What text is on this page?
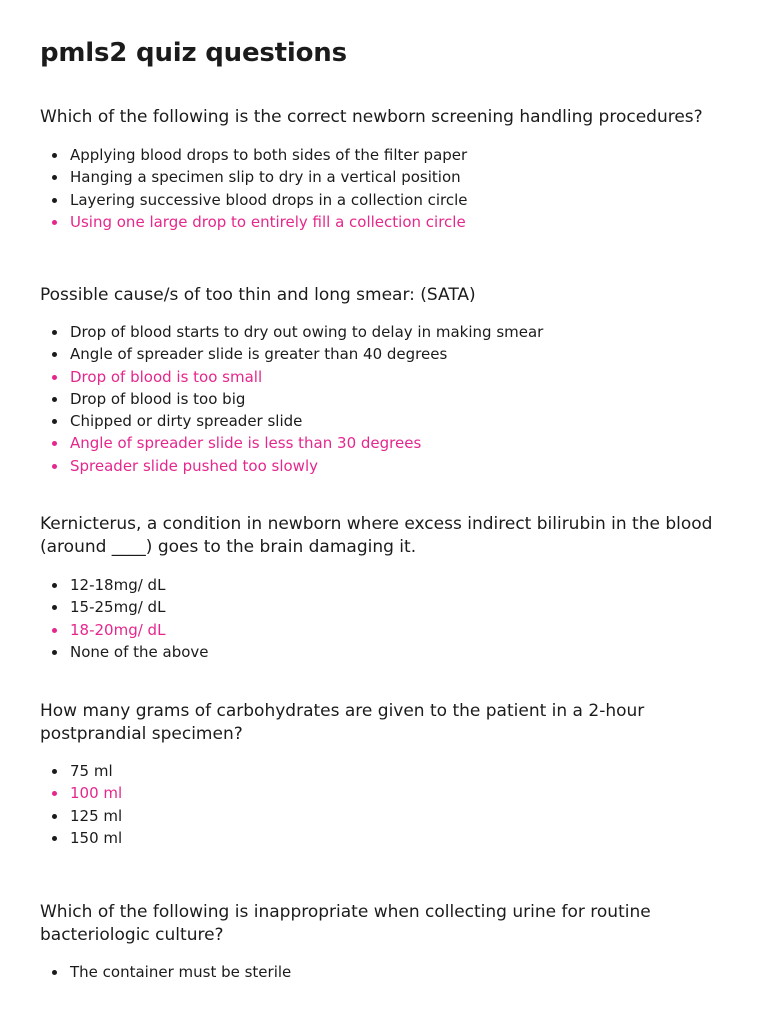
pmls2 quiz questions

Which of the following is the correct newborn screening handling procedures?

Applying blood drops to both sides of the filter paper
Hanging a specimen slip to dry in a vertical position
Layering successive blood drops in a collection circle
Using one large drop to entirely fill a collection circle

Possible cause/s of too thin and long smear: (SATA)

Drop of blood starts to dry out owing to delay in making smear
Angle of spreader slide is greater than 40 degrees
Drop of blood is too small
Drop of blood is too big
Chipped or dirty spreader slide
Angle of spreader slide is less than 30 degrees
Spreader slide pushed too slowly

Kernicterus, a condition in newborn where excess indirect bilirubin in the blood (around ____) goes to the brain damaging it.

12-18mg/ dL
15-25mg/ dL
18-20mg/ dL
None of the above

How many grams of carbohydrates are given to the patient in a 2-hour postprandial specimen?

75 ml
100 ml
125 ml
150 ml

Which of the following is inappropriate when collecting urine for routine bacteriologic culture?

The container must be sterile
